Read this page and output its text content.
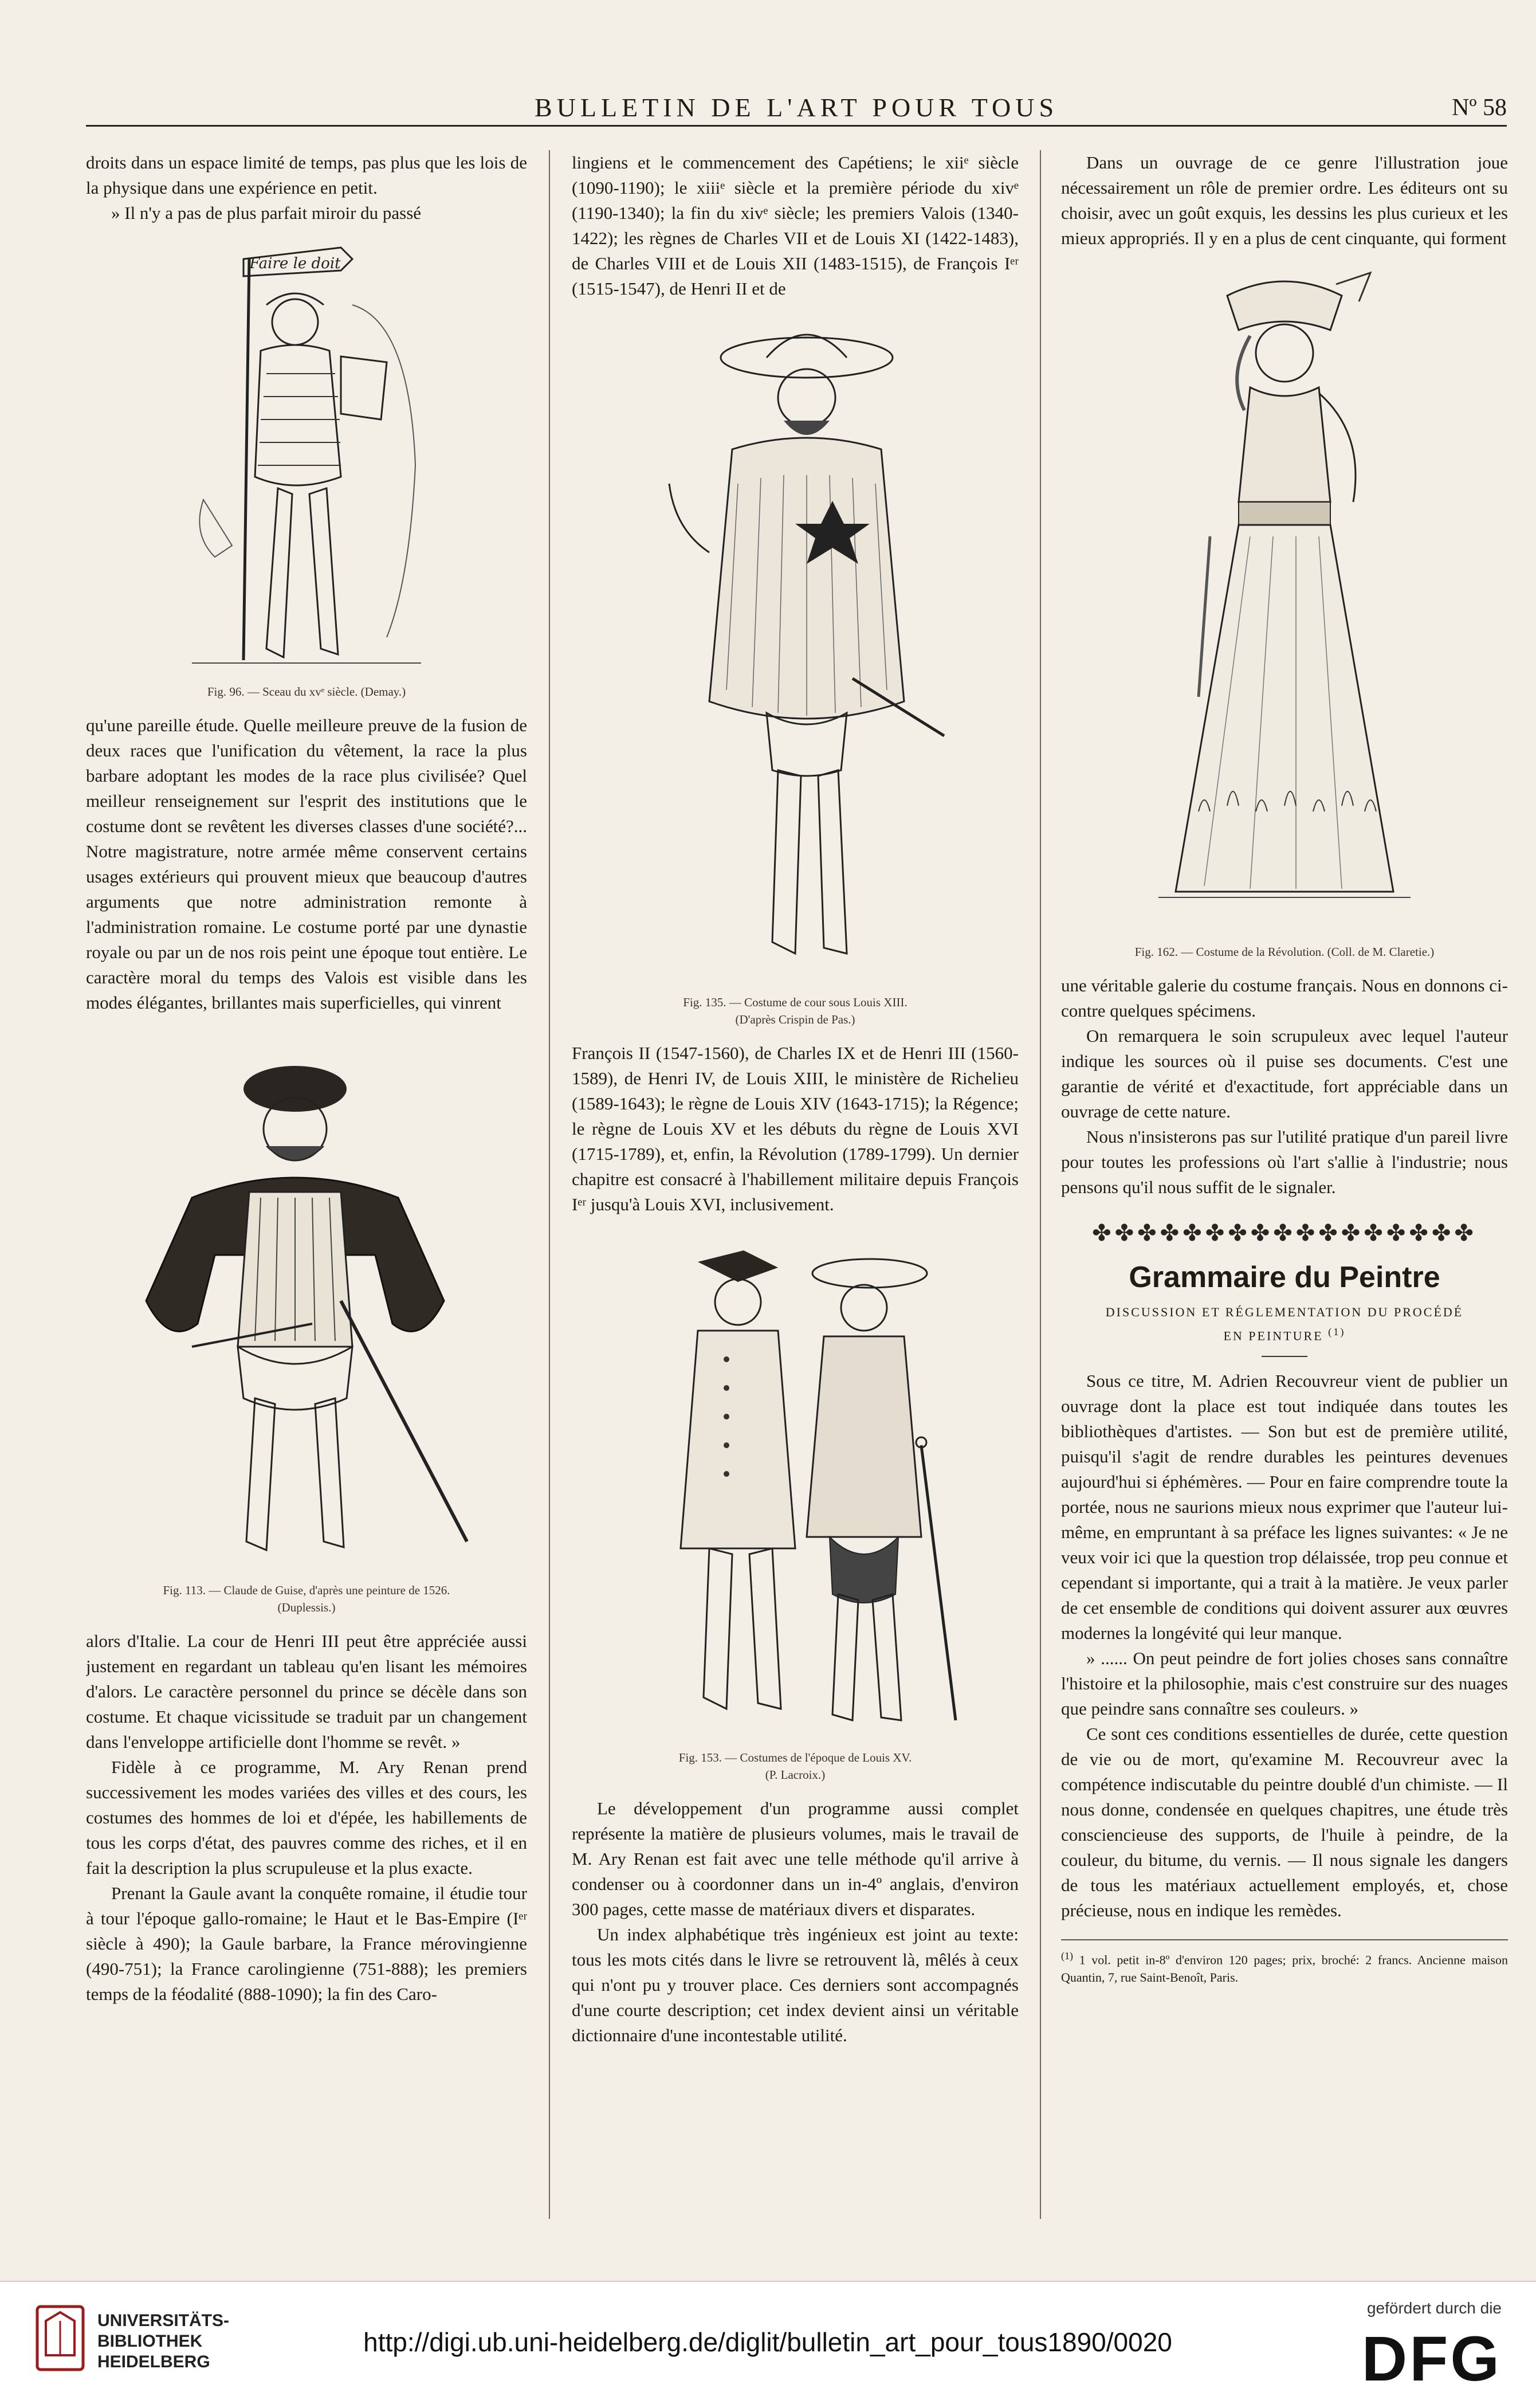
BULLETIN DE L'ART POUR TOUS	Nº 58

droits dans un espace limité de temps, pas plus que les lois de la physique dans une expérience en petit.

» Il n'y a pas de plus parfait miroir du passé

Faire le doit
Fig. 96. — Sceau du xvᵉ siècle. (Demay.)

qu'une pareille étude. Quelle meilleure preuve de la fusion de deux races que l'unification du vêtement, la race la plus barbare adoptant les modes de la race plus civilisée? Quel meilleur renseignement sur l'esprit des institutions que le costume dont se revêtent les diverses classes d'une société?... Notre magistrature, notre armée même conservent certains usages extérieurs qui prouvent mieux que beaucoup d'autres arguments que notre administration remonte à l'administration romaine. Le costume porté par une dynastie royale ou par un de nos rois peint une époque tout entière. Le caractère moral du temps des Valois est visible dans les modes élégantes, brillantes mais superficielles, qui vinrent

Fig. 113. — Claude de Guise, d'après une peinture de 1526.
(Duplessis.)

alors d'Italie. La cour de Henri III peut être appréciée aussi justement en regardant un tableau qu'en lisant les mémoires d'alors. Le caractère personnel du prince se décèle dans son costume. Et chaque vicissitude se traduit par un changement dans l'enveloppe artificielle dont l'homme se revêt. »

Fidèle à ce programme, M. Ary Renan prend successivement les modes variées des villes et des cours, les costumes des hommes de loi et d'épée, les habillements de tous les corps d'état, des pauvres comme des riches, et il en fait la description la plus scrupuleuse et la plus exacte.

Prenant la Gaule avant la conquête romaine, il étudie tour à tour l'époque gallo-romaine; le Haut et le Bas-Empire (Iᵉʳ siècle à 490); la Gaule barbare, la France mérovingienne (490-751); la France carolingienne (751-888); les premiers temps de la féodalité (888-1090); la fin des Caro-

lingiens et le commencement des Capétiens; le xiiᵉ siècle (1090-1190); le xiiiᵉ siècle et la première période du xivᵉ (1190-1340); la fin du xivᵉ siècle; les premiers Valois (1340-1422); les règnes de Charles VII et de Louis XI (1422-1483), de Charles VIII et de Louis XII (1483-1515), de François Iᵉʳ (1515-1547), de Henri II et de

Fig. 135. — Costume de cour sous Louis XIII.
(D'après Crispin de Pas.)

François II (1547-1560), de Charles IX et de Henri III (1560-1589), de Henri IV, de Louis XIII, le ministère de Richelieu (1589-1643); le règne de Louis XIV (1643-1715); la Régence; le règne de Louis XV et les débuts du règne de Louis XVI (1715-1789), et, enfin, la Révolution (1789-1799). Un dernier chapitre est consacré à l'habillement militaire depuis François Iᵉʳ jusqu'à Louis XVI, inclusivement.

Fig. 153. — Costumes de l'époque de Louis XV.
(P. Lacroix.)

Le développement d'un programme aussi complet représente la matière de plusieurs volumes, mais le travail de M. Ary Renan est fait avec une telle méthode qu'il arrive à condenser ou à coordonner dans un in-4º anglais, d'environ 300 pages, cette masse de matériaux divers et disparates.

Un index alphabétique très ingénieux est joint au texte: tous les mots cités dans le livre se retrouvent là, mêlés à ceux qui n'ont pu y trouver place. Ces derniers sont accompagnés d'une courte description; cet index devient ainsi un véritable dictionnaire d'une incontestable utilité.

Dans un ouvrage de ce genre l'illustration joue nécessairement un rôle de premier ordre. Les éditeurs ont su choisir, avec un goût exquis, les dessins les plus curieux et les mieux appropriés. Il y en a plus de cent cinquante, qui forment

Fig. 162. — Costume de la Révolution. (Coll. de M. Claretie.)

une véritable galerie du costume français. Nous en donnons ci-contre quelques spécimens.

On remarquera le soin scrupuleux avec lequel l'auteur indique les sources où il puise ses documents. C'est une garantie de vérité et d'exactitude, fort appréciable dans un ouvrage de cette nature.

Nous n'insisterons pas sur l'utilité pratique d'un pareil livre pour toutes les professions où l'art s'allie à l'industrie; nous pensons qu'il nous suffit de le signaler.

✤✤✤✤✤✤✤✤✤✤✤✤✤✤✤✤✤
Grammaire du Peintre
DISCUSSION ET RÉGLEMENTATION DU PROCÉDÉ
EN PEINTURE $^{(1)}$

Sous ce titre, M. Adrien Recouvreur vient de publier un ouvrage dont la place est tout indiquée dans toutes les bibliothèques d'artistes. — Son but est de première utilité, puisqu'il s'agit de rendre durables les peintures devenues aujourd'hui si éphémères. — Pour en faire comprendre toute la portée, nous ne saurions mieux nous exprimer que l'auteur lui-même, en empruntant à sa préface les lignes suivantes: « Je ne veux voir ici que la question trop délaissée, trop peu connue et cependant si importante, qui a trait à la matière. Je veux parler de cet ensemble de conditions qui doivent assurer aux œuvres modernes la longévité qui leur manque.

» ...... On peut peindre de fort jolies choses sans connaître l'histoire et la philosophie, mais c'est construire sur des nuages que peindre sans connaître ses couleurs. »

Ce sont ces conditions essentielles de durée, cette question de vie ou de mort, qu'examine M. Recouvreur avec la compétence indiscutable du peintre doublé d'un chimiste. — Il nous donne, condensée en quelques chapitres, une étude très consciencieuse des supports, de l'huile à peindre, de la couleur, du bitume, du vernis. — Il nous signale les dangers de tous les matériaux actuellement employés, et, chose précieuse, nous en indique les remèdes.

$^{(1)}$ 1 vol. petit in-8º d'environ 120 pages; prix, broché: 2 francs. Ancienne maison Quantin, 7, rue Saint-Benoît, Paris.
UNIVERSITÄTS-
BIBLIOTHEK
HEIDELBERG
http://digi.ub.uni-heidelberg.de/diglit/bulletin_art_pour_tous1890/0020
gefördert durch die
DFG
